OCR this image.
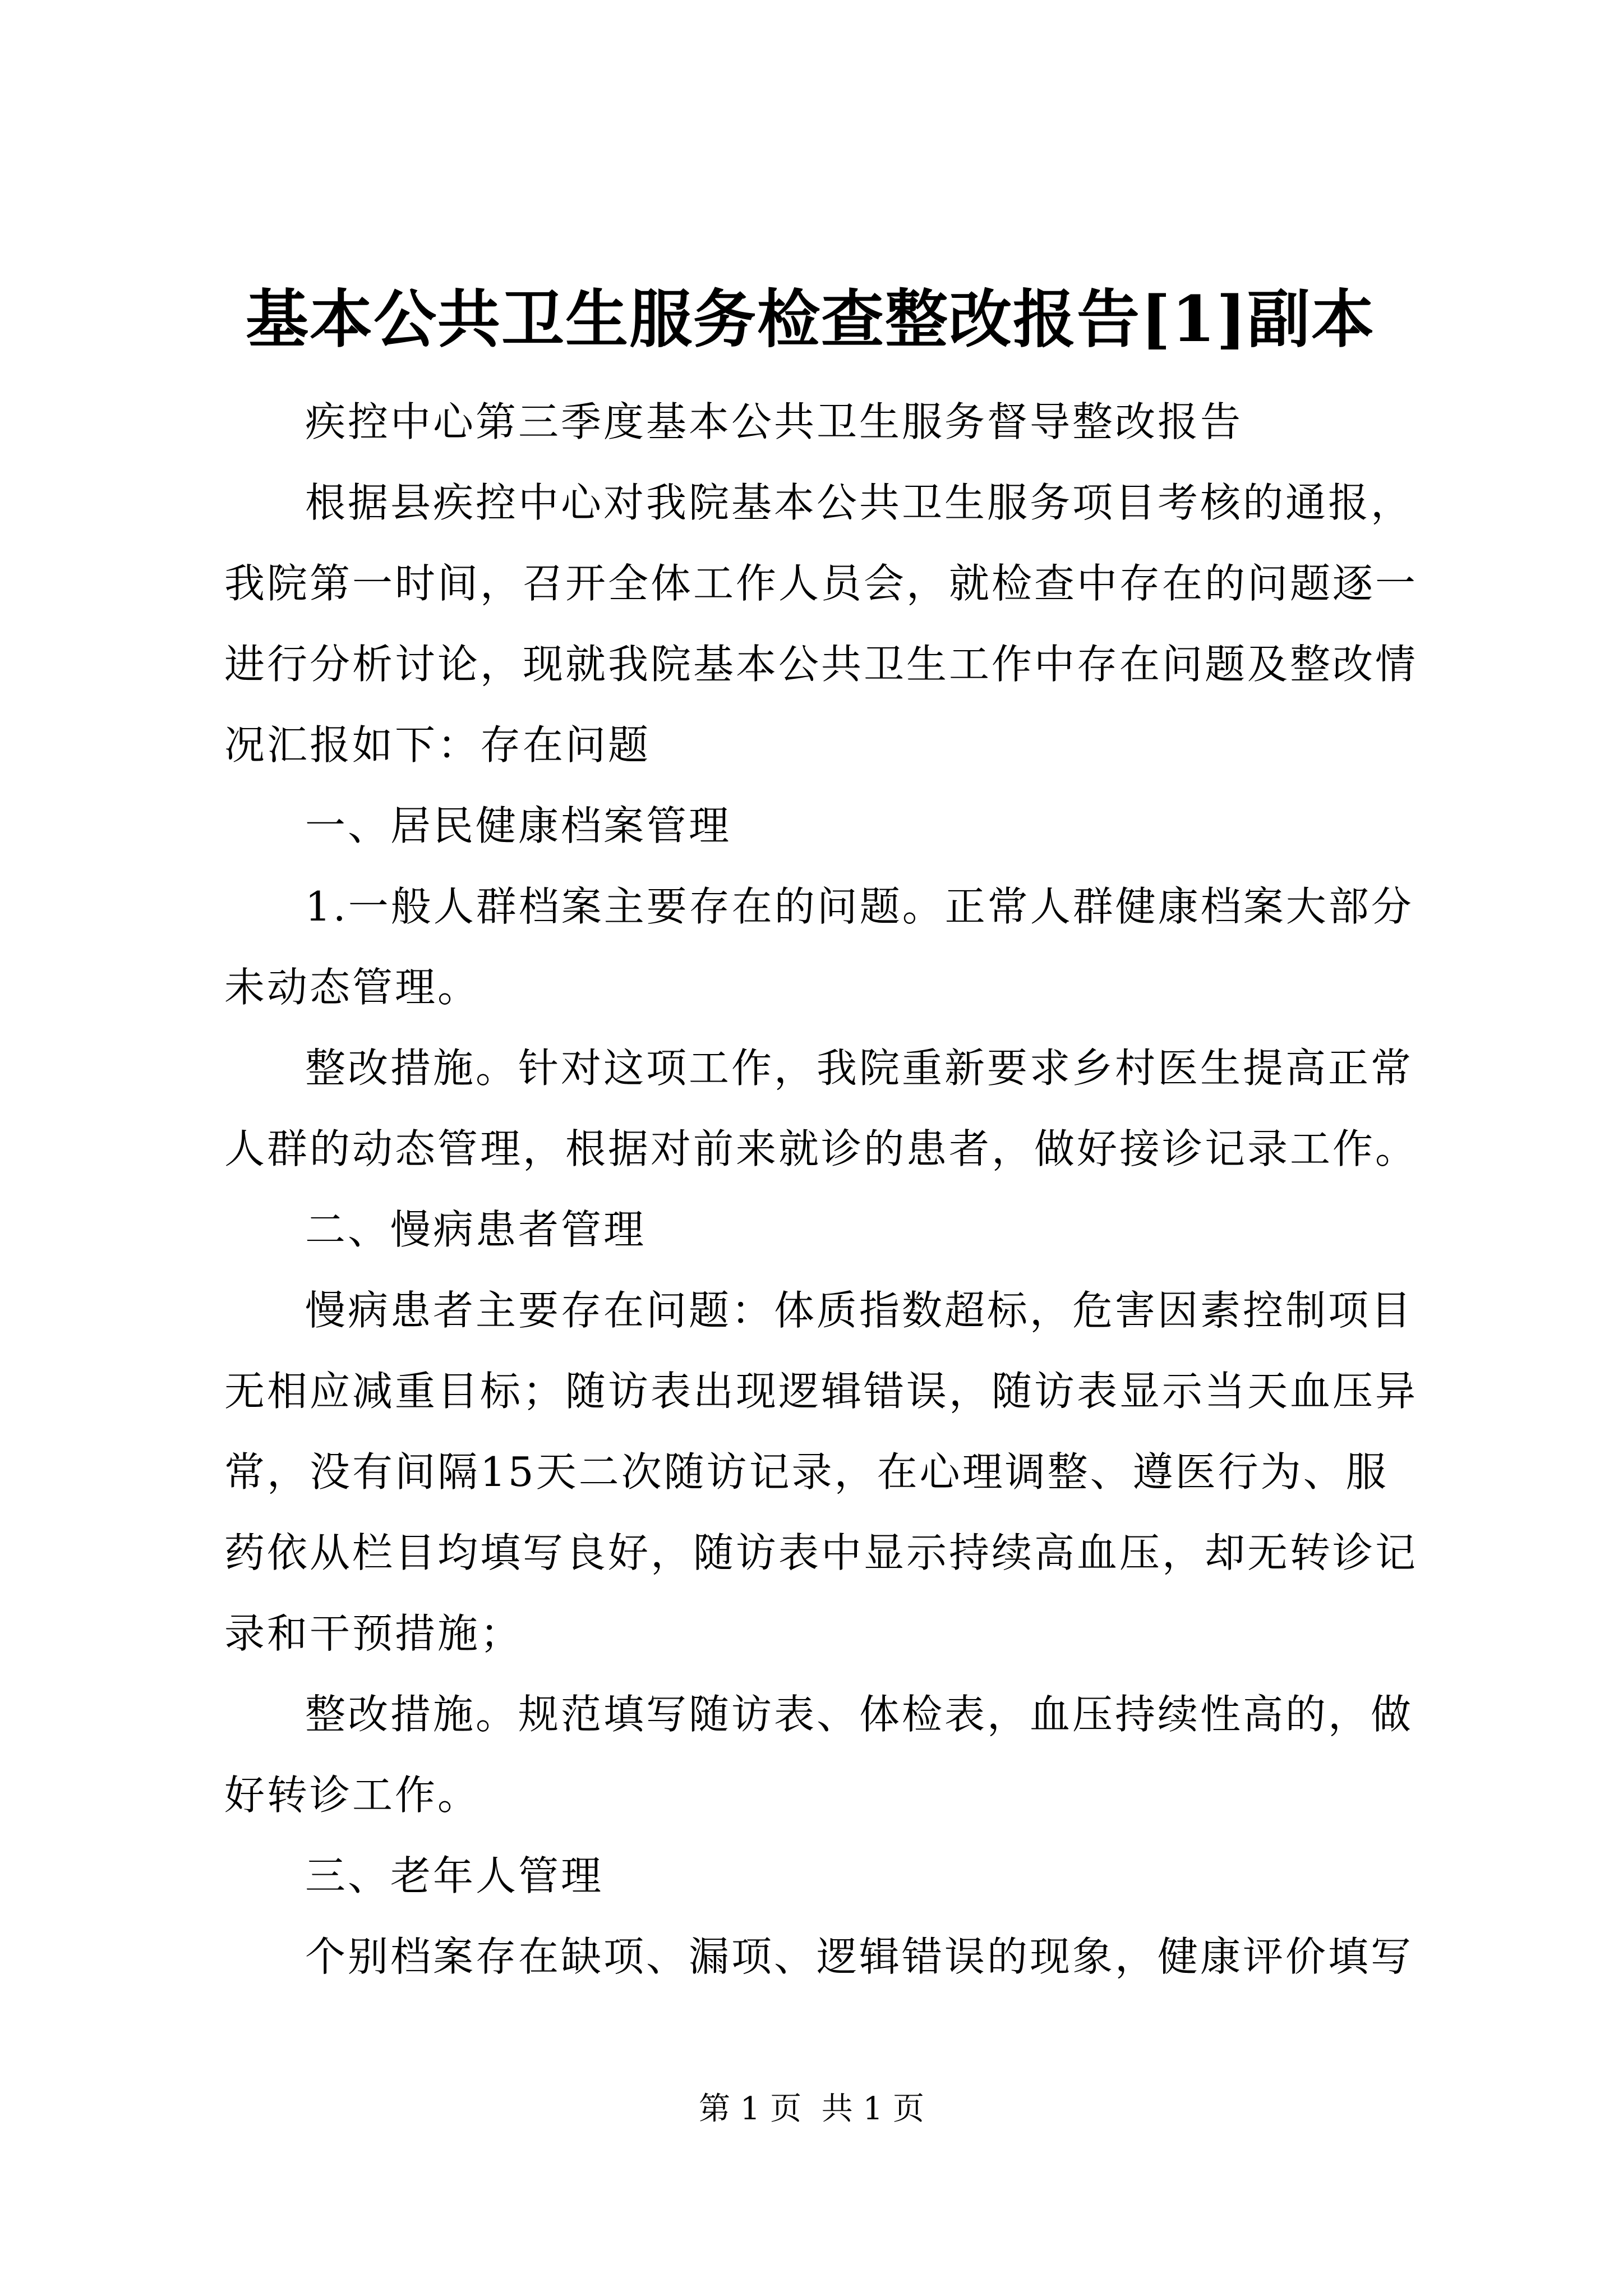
基本公共卫生服务检查整改报告[1]副本

疾控中心第三季度基本公共卫生服务督导整改报告

根据县疾控中心对我院基本公共卫生服务项目考核的通报，我院第一时间，召开全体工作人员会，就检查中存在的问题逐一进行分析讨论，现就我院基本公共卫生工作中存在问题及整改情况汇报如下：存在问题

一、居民健康档案管理

1.一般人群档案主要存在的问题。正常人群健康档案大部分未动态管理。

整改措施。针对这项工作，我院重新要求乡村医生提高正常人群的动态管理，根据对前来就诊的患者，做好接诊记录工作。

二、慢病患者管理

慢病患者主要存在问题：体质指数超标，危害因素控制项目无相应减重目标；随访表出现逻辑错误，随访表显示当天血压异常，没有间隔15天二次随访记录，在心理调整、遵医行为、服药依从栏目均填写良好，随访表中显示持续高血压，却无转诊记录和干预措施；

整改措施。规范填写随访表、体检表，血压持续性高的，做好转诊工作。

三、老年人管理

个别档案存在缺项、漏项、逻辑错误的现象，健康评价填写

第 1 页  共 1 页
